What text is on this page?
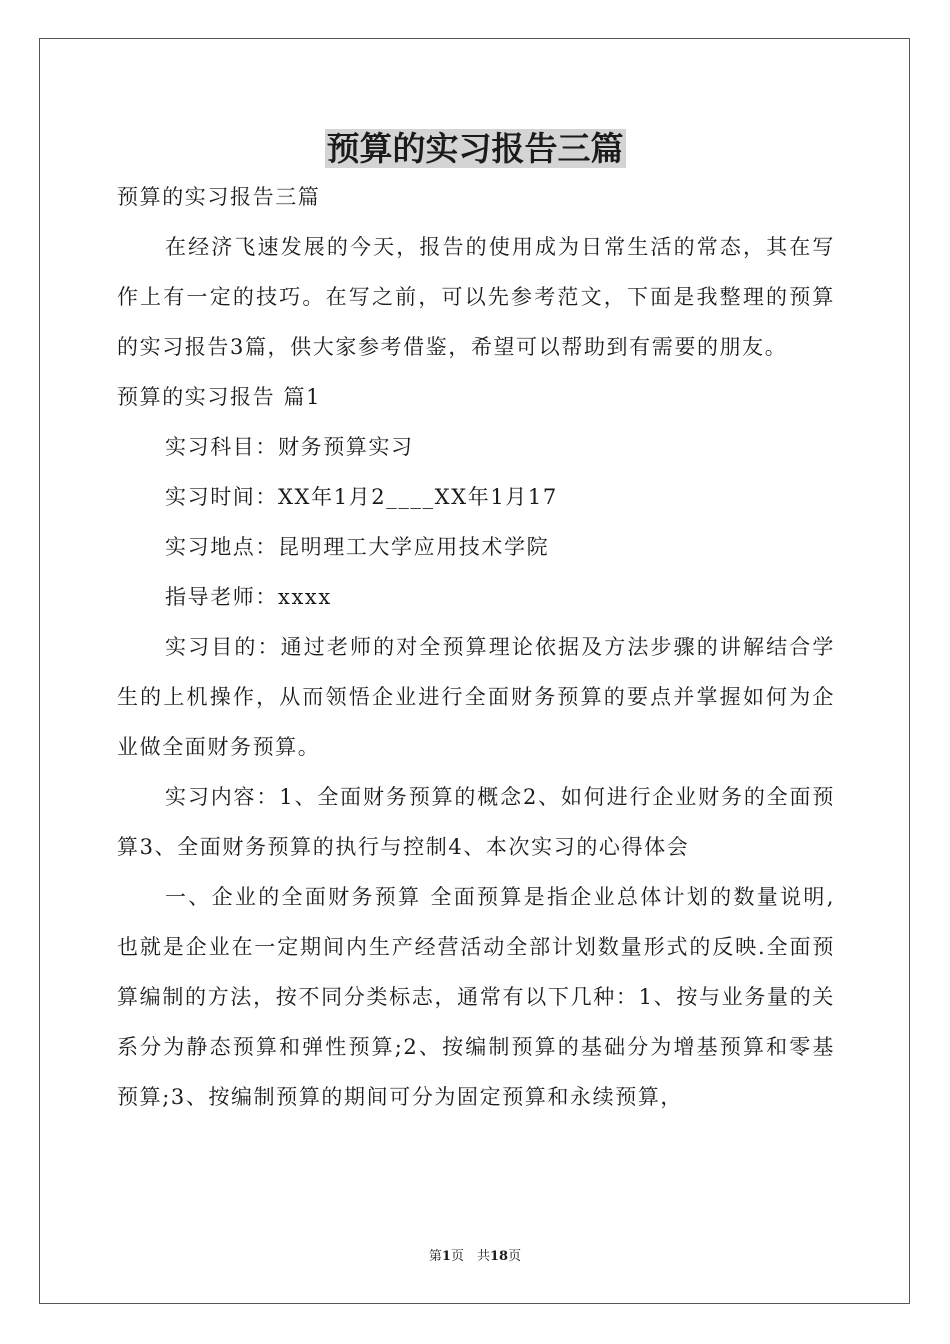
预算的实习报告三篇

预算的实习报告三篇

在经济飞速发展的今天，报告的使用成为日常生活的常态，其在写作上有一定的技巧。在写之前，可以先参考范文，下面是我整理的预算的实习报告3篇，供大家参考借鉴，希望可以帮助到有需要的朋友。

预算的实习报告 篇1

实习科目：财务预算实习

实习时间：XX年1月2____XX年1月17

实习地点：昆明理工大学应用技术学院

指导老师：xxxx

实习目的：通过老师的对全预算理论依据及方法步骤的讲解结合学生的上机操作，从而领悟企业进行全面财务预算的要点并掌握如何为企业做全面财务预算。

实习内容：1、全面财务预算的概念2、如何进行企业财务的全面预算3、全面财务预算的执行与控制4、本次实习的心得体会

一、企业的全面财务预算 全面预算是指企业总体计划的数量说明,也就是企业在一定期间内生产经营活动全部计划数量形式的反映.全面预算编制的方法，按不同分类标志，通常有以下几种：1、按与业务量的关系分为静态预算和弹性预算;2、按编制预算的基础分为增基预算和零基预算;3、按编制预算的期间可分为固定预算和永续预算，

第1页　共18页
